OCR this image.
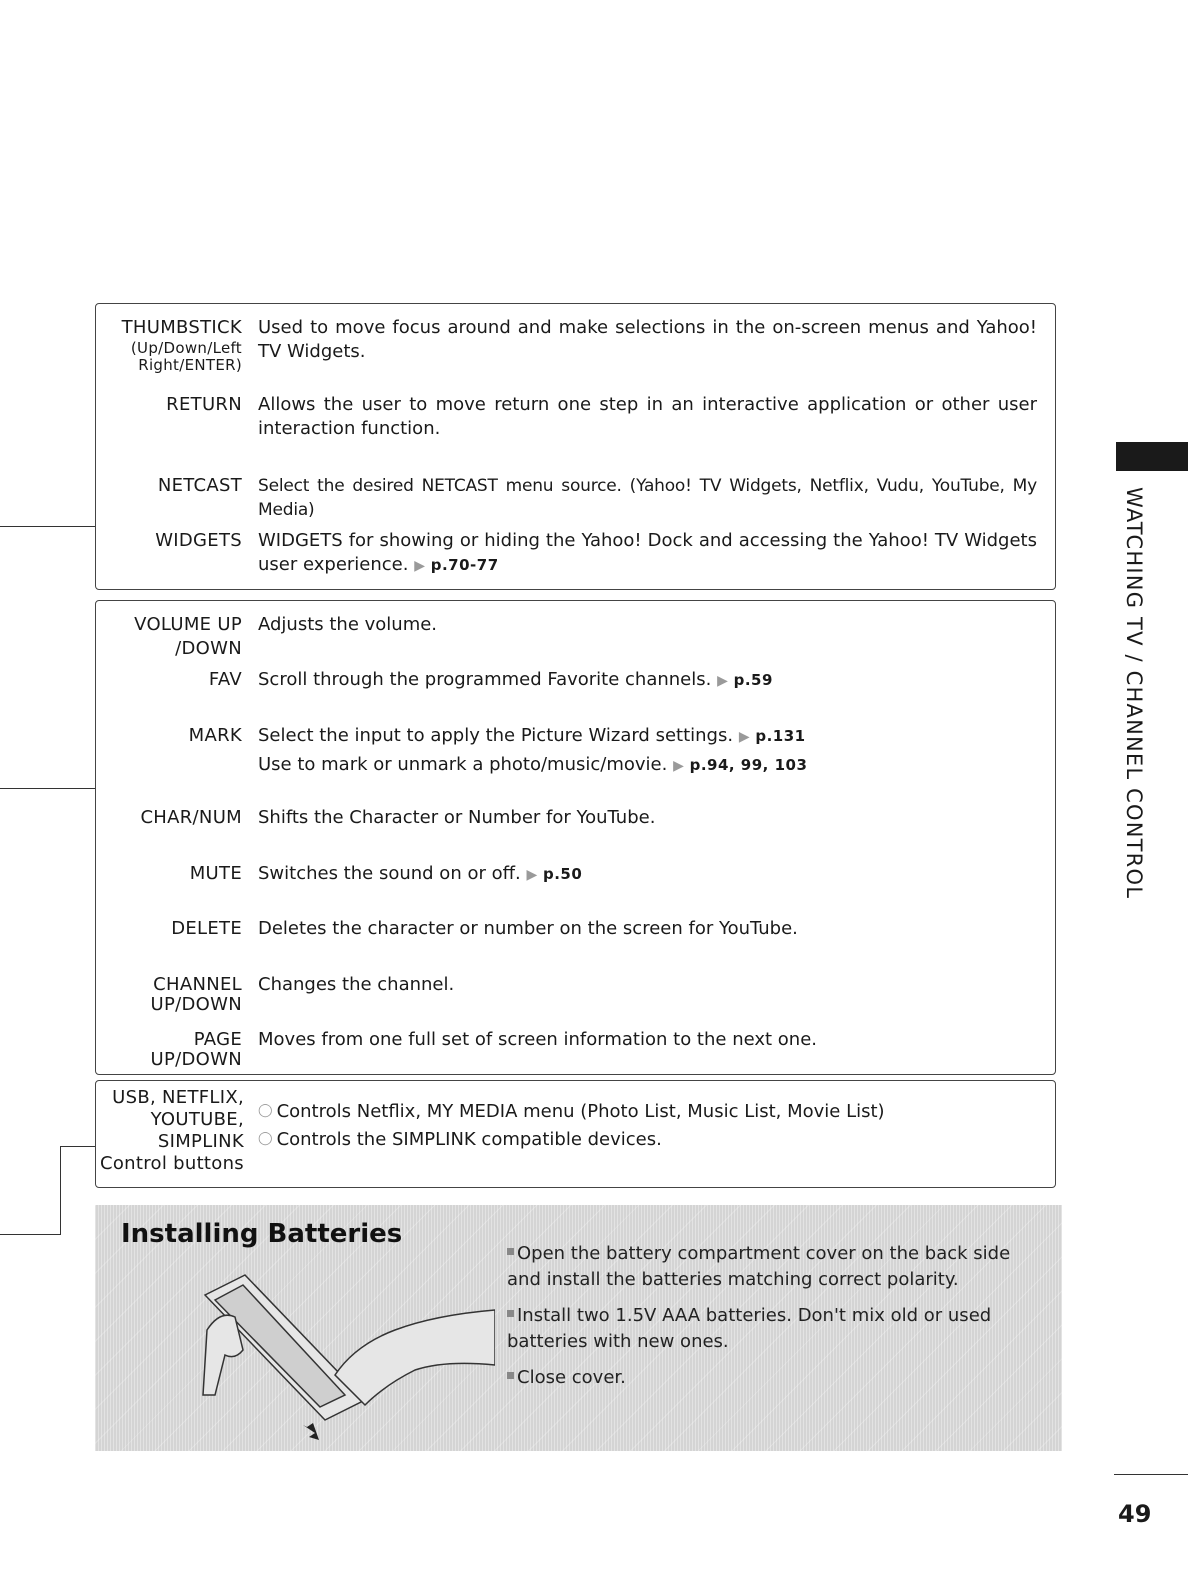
THUMBSTICK
(Up/Down/Left
Right/ENTER)
Used to move focus around and make selections in the on-screen menus and Yahoo! TV Widgets.
RETURN Allows the user to move return one step in an interactive application or other user interaction function.
NETCAST Select the desired NETCAST menu source. (Yahoo! TV Widgets, Netflix, Vudu, YouTube, My Media)
WIDGETS WIDGETS for showing or hiding the Yahoo! Dock and accessing the Yahoo! TV Widgets user experience. ▶ p.70-77
VOLUME UP
/DOWN
Adjusts the volume.
FAV Scroll through the programmed Favorite channels. ▶ p.59
MARK Select the input to apply the Picture Wizard settings. ▶ p.131
Use to mark or unmark a photo/music/movie. ▶ p.94, 99, 103
CHAR/NUM Shifts the Character or Number for YouTube.
MUTE Switches the sound on or off. ▶ p.50
DELETE Deletes the character or number on the screen for YouTube.
CHANNEL
UP/DOWN
Changes the channel.
PAGE
UP/DOWN
Moves from one full set of screen information to the next one.
USB, NETFLIX,
YOUTUBE,
SIMPLINK
Control buttons
◯ Controls Netflix, MY MEDIA menu (Photo List, Music List, Movie List)
◯ Controls the SIMPLINK compatible devices.
Installing Batteries
Open the battery compartment cover on the back side and install the batteries matching correct polarity.
Install two 1.5V AAA batteries. Don't mix old or used batteries with new ones.
Close cover.
WATCHING TV / CHANNEL CONTROL
49
